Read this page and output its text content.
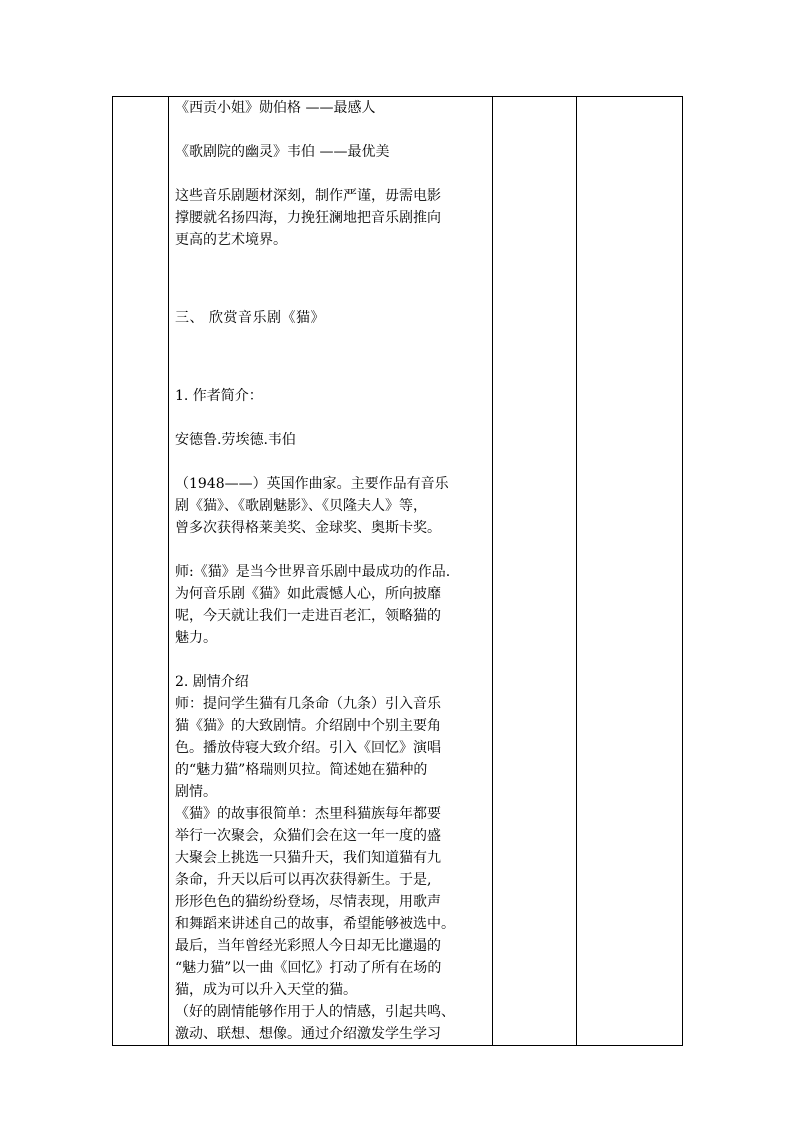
《西贡小姐》勋伯格 ——最感人

《歌剧院的幽灵》韦伯 ——最优美

这些音乐剧题材深刻，制作严谨，毋需电影

撑腰就名扬四海，力挽狂澜地把音乐剧推向

更高的艺术境界。

三、 欣赏音乐剧《猫》

1. 作者简介：

安德鲁.劳埃德.韦伯

（1948——）英国作曲家。主要作品有音乐

剧《猫》、《歌剧魅影》、《贝隆夫人》等，

曾多次获得格莱美奖、金球奖、奥斯卡奖。

师:《猫》是当今世界音乐剧中最成功的作品.

为何音乐剧《猫》如此震憾人心，所向披靡

呢，今天就让我们一走进百老汇，领略猫的

魅力。

2. 剧情介绍

师：提问学生猫有几条命（九条）引入音乐

猫《猫》的大致剧情。介绍剧中个别主要角

色。播放侍寝大致介绍。引入《回忆》演唱

的“魅力猫”格瑞则贝拉。简述她在猫种的

剧情。

《猫》的故事很简单：杰里科猫族每年都要

举行一次聚会，众猫们会在这一年一度的盛

大聚会上挑选一只猫升天，我们知道猫有九

条命，升天以后可以再次获得新生。于是,

形形色色的猫纷纷登场，尽情表现，用歌声

和舞蹈来讲述自己的故事，希望能够被选中。

最后，当年曾经光彩照人今日却无比邋遢的

“魅力猫”以一曲《回忆》打动了所有在场的

猫，成为可以升入天堂的猫。

（好的剧情能够作用于人的情感，引起共鸣、

激动、联想、想像。通过介绍激发学生学习
